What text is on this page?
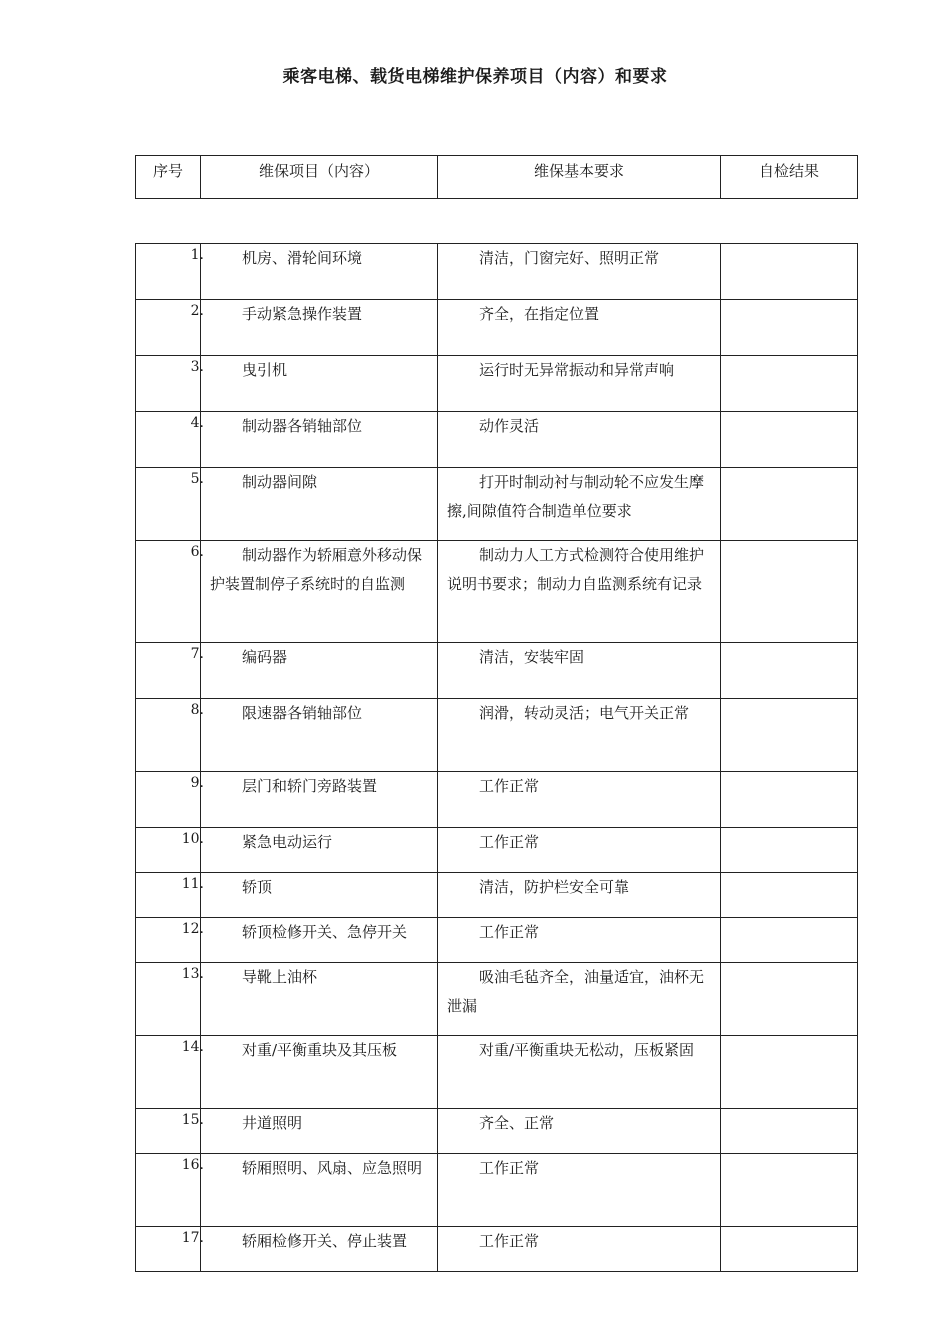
乘客电梯、载货电梯维护保养项目（内容）和要求
序号	维保项目（内容）	维保基本要求	自检结果
1.	机房、滑轮间环境	清洁，门窗完好、照明正常	
2.	手动紧急操作装置	齐全，在指定位置	
3.	曳引机	运行时无异常振动和异常声响	
4.	制动器各销轴部位	动作灵活	
5.	制动器间隙	打开时制动衬与制动轮不应发生摩擦,间隙值符合制造单位要求	
6.	制动器作为轿厢意外移动保护装置制停子系统时的自监测	制动力人工方式检测符合使用维护说明书要求；制动力自监测系统有记录	
7.	编码器	清洁，安装牢固	
8.	限速器各销轴部位	润滑，转动灵活；电气开关正常	
9.	层门和轿门旁路装置	工作正常	
10.	紧急电动运行	工作正常	
11.	轿顶	清洁，防护栏安全可靠	
12.	轿顶检修开关、急停开关	工作正常	
13.	导靴上油杯	吸油毛毡齐全，油量适宜，油杯无泄漏	
14.	对重/平衡重块及其压板	对重/平衡重块无松动，压板紧固	
15.	井道照明	齐全、正常	
16.	轿厢照明、风扇、应急照明	工作正常	
17.	轿厢检修开关、停止装置	工作正常	
